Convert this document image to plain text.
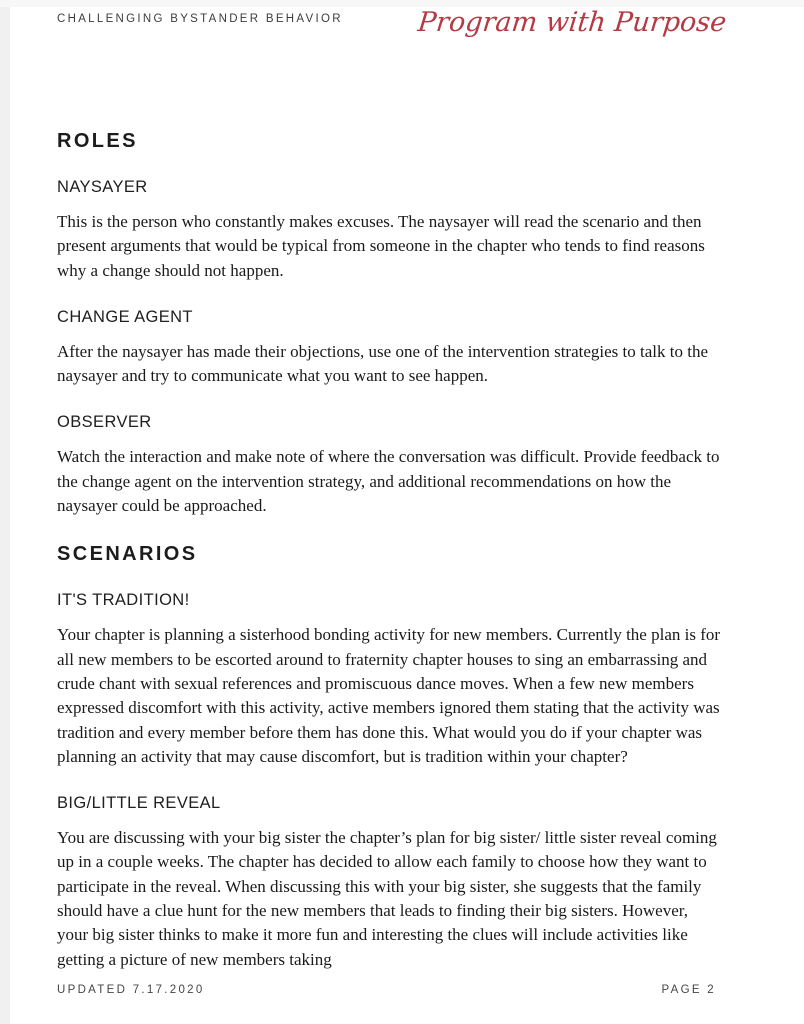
CHALLENGING BYSTANDER BEHAVIOR	Program with Purpose
ROLES
NAYSAYER

This is the person who constantly makes excuses. The naysayer will read the scenario and then present arguments that would be typical from someone in the chapter who tends to find reasons why a change should not happen.

CHANGE AGENT

After the naysayer has made their objections, use one of the intervention strategies to talk to the naysayer and try to communicate what you want to see happen.

OBSERVER

Watch the interaction and make note of where the conversation was difficult. Provide feedback to the change agent on the intervention strategy, and additional recommendations on how the naysayer could be approached.

SCENARIOS
IT'S TRADITION!

Your chapter is planning a sisterhood bonding activity for new members. Currently the plan is for all new members to be escorted around to fraternity chapter houses to sing an embarrassing and crude chant with sexual references and promiscuous dance moves. When a few new members expressed discomfort with this activity, active members ignored them stating that the activity was tradition and every member before them has done this. What would you do if your chapter was planning an activity that may cause discomfort, but is tradition within your chapter?

BIG/LITTLE REVEAL

You are discussing with your big sister the chapter’s plan for big sister/ little sister reveal coming up in a couple weeks. The chapter has decided to allow each family to choose how they want to participate in the reveal. When discussing this with your big sister, she suggests that the family should have a clue hunt for the new members that leads to finding their big sisters. However, your big sister thinks to make it more fun and interesting the clues will include activities like getting a picture of new members taking

UPDATED 7.17.2020	PAGE 2
